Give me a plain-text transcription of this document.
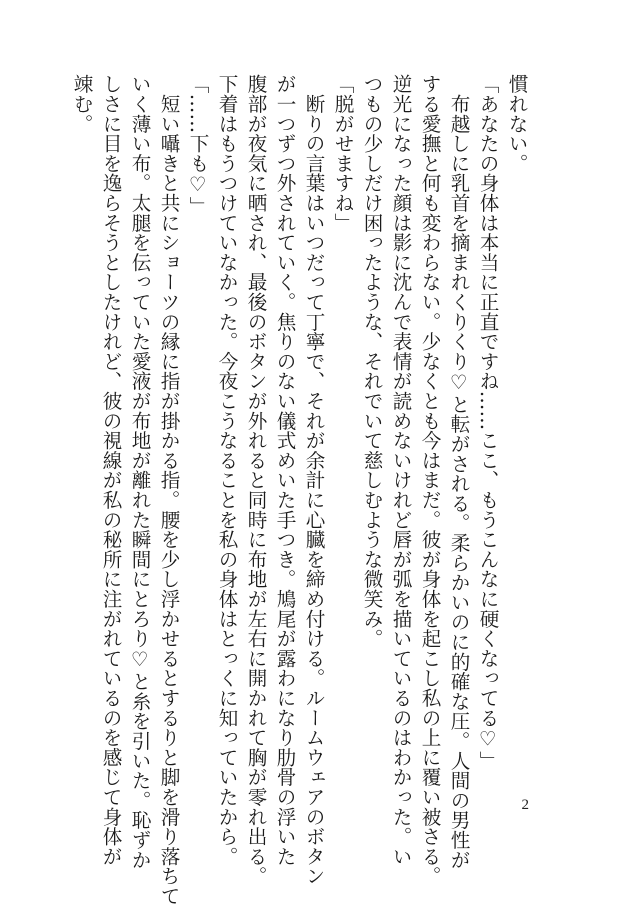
慣れない。
「あなたの身体は本当に正直ですね……ここ、もうこんなに硬くなってる♡」
　布越しに乳首を摘まれくりくり♡と転がされる。柔らかいのに的確な圧。人間の男性が
する愛撫と何も変わらない。少なくとも今はまだ。彼が身体を起こし私の上に覆い被さる。
逆光になった顔は影に沈んで表情が読めないけれど唇が弧を描いているのはわかった。い
つもの少しだけ困ったような、それでいて慈しむような微笑み。
「脱がせますね」
　断りの言葉はいつだって丁寧で、それが余計に心臓を締め付ける。ルームウェアのボタン
が一つずつ外されていく。焦りのない儀式めいた手つき。鳩尾が露わになり肋骨の浮いた
腹部が夜気に晒され、最後のボタンが外れると同時に布地が左右に開かれて胸が零れ出る。
下着はもうつけていなかった。今夜こうなることを私の身体はとっくに知っていたから。
「……下も♡」
　短い囁きと共にショーツの縁に指が掛かる指。腰を少し浮かせるとするりと脚を滑り落ちて
いく薄い布。太腿を伝っていた愛液が布地が離れた瞬間にとろり♡と糸を引いた。恥ずか
しさに目を逸らそうとしたけれど、彼の視線が私の秘所に注がれているのを感じて身体が
竦む。
2
